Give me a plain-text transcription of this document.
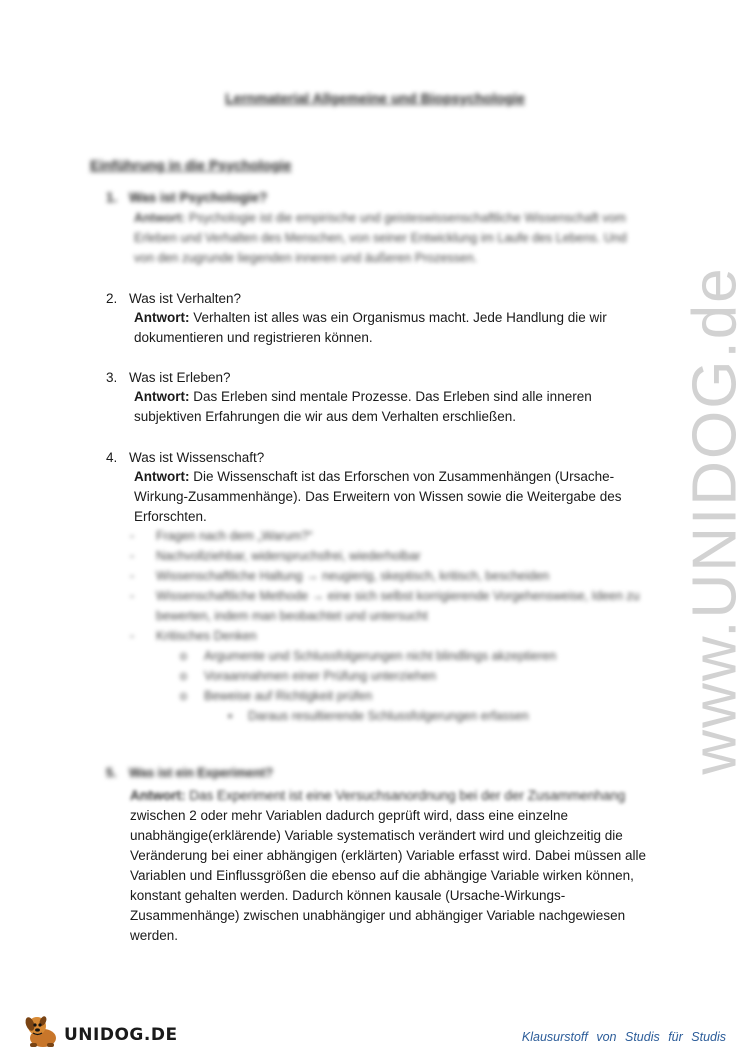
Lernmaterial Allgemeine und Biopsychologie
Einführung in die Psychologie
1. Was ist Psychologie?
Antwort: Psychologie ist die empirische und geisteswissenschaftliche Wissenschaft vom Erleben und Verhalten des Menschen, von seiner Entwicklung im Laufe des Lebens. Und von den zugrunde liegenden inneren und äußeren Prozessen.
2. Was ist Verhalten?
Antwort: Verhalten ist alles was ein Organismus macht. Jede Handlung die wir dokumentieren und registrieren können.
3. Was ist Erleben?
Antwort: Das Erleben sind mentale Prozesse. Das Erleben sind alle inneren subjektiven Erfahrungen die wir aus dem Verhalten erschließen.
4. Was ist Wissenschaft?
Antwort: Die Wissenschaft ist das Erforschen von Zusammenhängen (Ursache-Wirkung-Zusammenhänge). Das Erweitern von Wissen sowie die Weitergabe des Erforschten.
- Fragen nach dem „Warum?“
- Nachvollziehbar, widerspruchsfrei, wiederholbar
- Wissenschaftliche Haltung → neugierig, skeptisch, kritisch, bescheiden
- Wissenschaftliche Methode → eine sich selbst korrigierende Vorgehensweise, Ideen zu bewerten, indem man beobachtet und untersucht
- Kritisches Denken
o Argumente und Schlussfolgerungen nicht blindlings akzeptieren
o Voraannahmen einer Prüfung unterziehen
o Beweise auf Richtigkeit prüfen
▪ Daraus resultierende Schlussfolgerungen erfassen
5. Was ist ein Experiment?
Antwort: Das Experiment ist eine Versuchsanordnung bei der der Zusammenhang
zwischen 2 oder mehr Variablen dadurch geprüft wird, dass eine einzelne unabhängige(erklärende) Variable systematisch verändert wird und gleichzeitig die Veränderung bei einer abhängigen (erklärten) Variable erfasst wird. Dabei müssen alle Variablen und Einflussgrößen die ebenso auf die abhängige Variable wirken können, konstant gehalten werden. Dadurch können kausale (Ursache-Wirkungs-Zusammenhänge) zwischen unabhängiger und abhängiger Variable nachgewiesen werden.
www.UNIDOG.de
UNIDOG.DE	Klausurstoff von Studis für Studis
